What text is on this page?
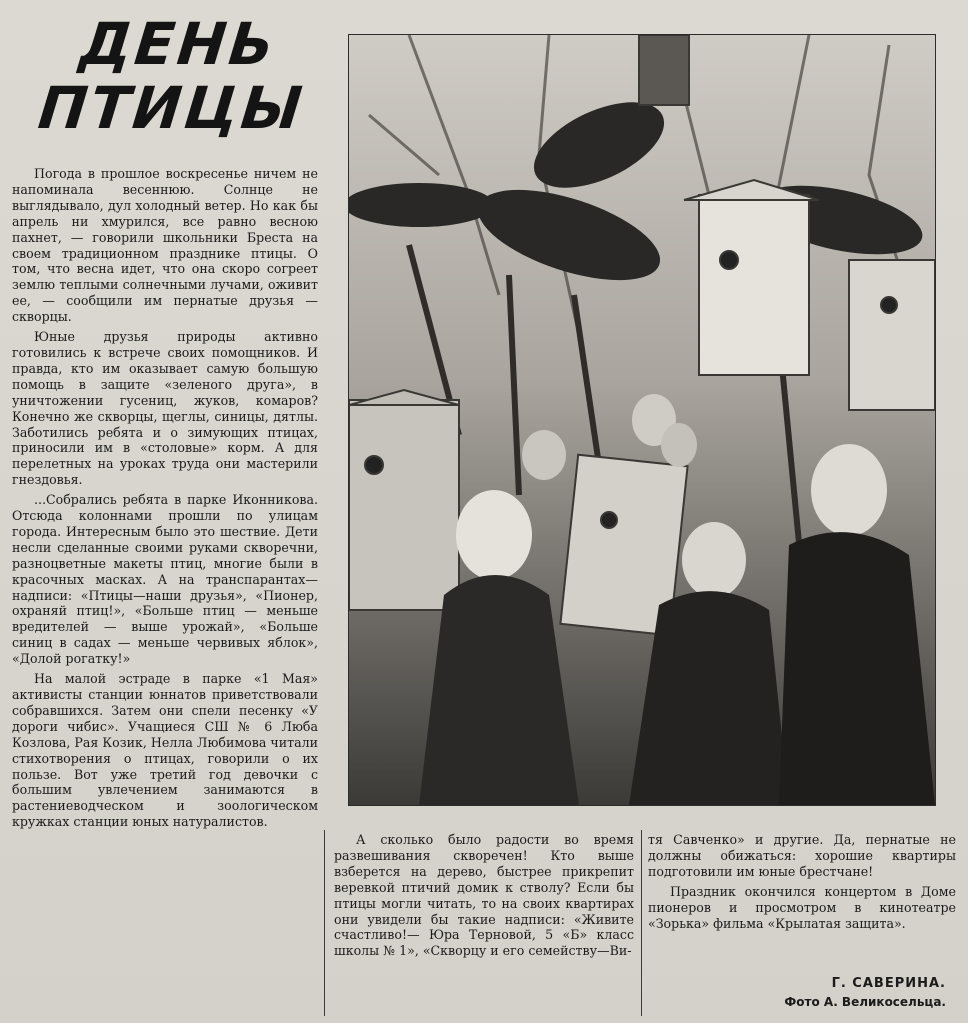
ДЕНЬ
ПТИЦЫ

Погода в прошлое воскресенье ничем не напоминала весеннюю. Солнце не выглядывало, дул холодный ветер. Но как бы апрель ни хмурился, все равно весною пахнет, — говорили школьники Бреста на своем традиционном празднике птицы. О том, что весна идет, что она скоро согреет землю теплыми солнечными лучами, оживит ее, — сообщили им пернатые друзья — скворцы.

Юные друзья природы активно готовились к встрече своих помощников. И правда, кто им оказывает самую большую помощь в защите «зеленого друга», в уничтожении гусениц, жуков, комаров? Конечно же скворцы, щеглы, синицы, дятлы. Заботились ребята и о зимующих птицах, приносили им в «столовые» корм. А для перелетных на уроках труда они мастерили гнездовья.

...Собрались ребята в парке Иконникова. Отсюда колоннами прошли по улицам города. Интересным было это шествие. Дети несли сделанные своими руками скворечни, разноцветные макеты птиц, многие были в красочных масках. А на транспарантах—надписи: «Птицы—наши друзья», «Пионер, охраняй птиц!», «Больше птиц — меньше вредителей — выше урожай», «Больше синиц в садах — меньше червивых яблок», «Долой рогатку!»

На малой эстраде в парке «1 Мая» активисты станции юннатов приветствовали собравшихся. Затем они спели песенку «У дороги чибис». Учащиеся СШ № 6 Люба Козлова, Рая Козик, Нелла Любимова читали стихотворения о птицах, говорили о их пользе. Вот уже третий год девочки с большим увлечением занимаются в растениеводческом и зоологическом кружках станции юных натуралистов.

А сколько было радости во время развешивания скворечен! Кто выше взберется на дерево, быстрее прикрепит веревкой птичий домик к стволу? Если бы птицы могли читать, то на своих квартирах они увидели бы такие надписи: «Живите счастливо!— Юра Терновой, 5 «Б» класс школы № 1», «Скворцу и его семейству—Ви-

тя Савченко» и другие. Да, пернатые не должны обижаться: хорошие квартиры подготовили им юные брестчане!

Праздник окончился концертом в Доме пионеров и просмотром в кинотеатре «Зорька» фильма «Крылатая защита».

Г. САВЕРИНА.
Фото А. Великосельца.
